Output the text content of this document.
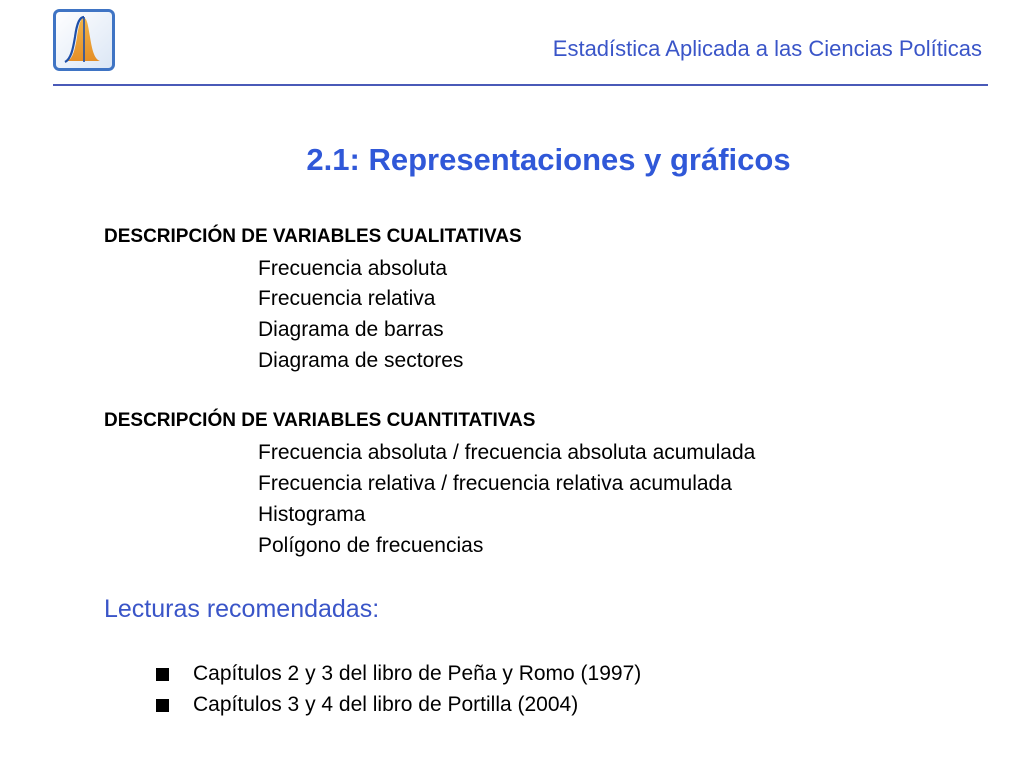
Estadística Aplicada a las Ciencias Políticas
2.1: Representaciones y gráficos
DESCRIPCIÓN DE VARIABLES CUALITATIVAS
Frecuencia absoluta
Frecuencia relativa
Diagrama de barras
Diagrama de sectores
DESCRIPCIÓN DE VARIABLES CUANTITATIVAS
Frecuencia absoluta / frecuencia absoluta acumulada
Frecuencia relativa / frecuencia relativa acumulada
Histograma
Polígono de frecuencias
Lecturas recomendadas:
Capítulos 2 y 3 del libro de Peña y Romo (1997)
Capítulos 3 y 4 del libro de Portilla (2004)
